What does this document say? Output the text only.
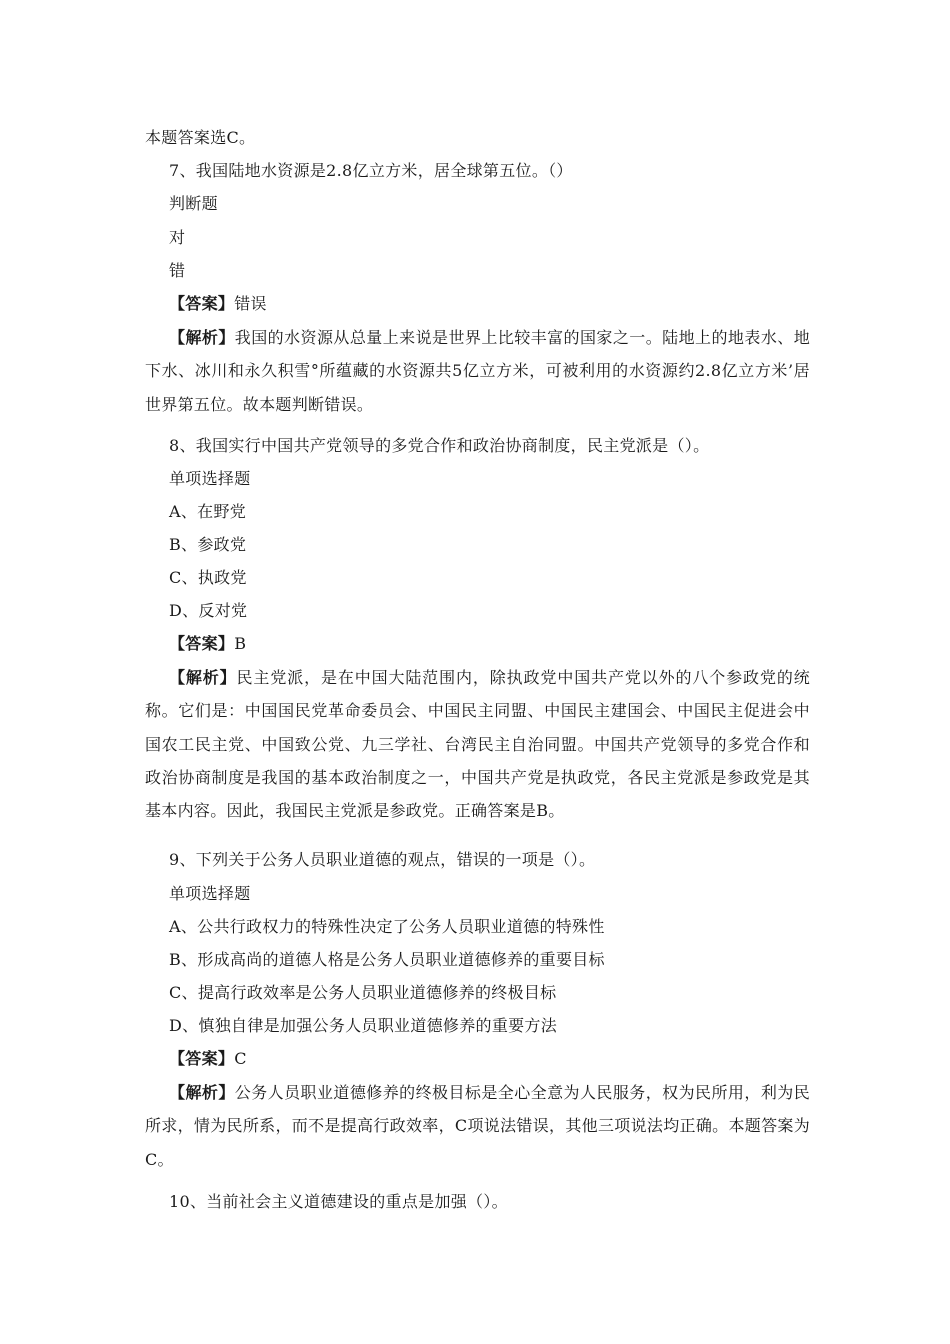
本题答案选C。
7、我国陆地水资源是2.8亿立方米，居全球第五位。（）
判断题
对
错
【答案】错误
【解析】我国的水资源从总量上来说是世界上比较丰富的国家之一。陆地上的地表水、地下水、冰川和永久积雪°所蕴藏的水资源共5亿立方米，可被利用的水资源约2.8亿立方米’居世界第五位。故本题判断错误。
8、我国实行中国共产党领导的多党合作和政治协商制度，民主党派是（）。
单项选择题
A、在野党
B、参政党
C、执政党
D、反对党
【答案】B
【解析】民主党派，是在中国大陆范围内，除执政党中国共产党以外的八个参政党的统称。它们是：中国国民党革命委员会、中国民主同盟、中国民主建国会、中国民主促进会中国农工民主党、中国致公党、九三学社、台湾民主自治同盟。中国共产党领导的多党合作和政治协商制度是我国的基本政治制度之一，中国共产党是执政党，各民主党派是参政党是其基本内容。因此，我国民主党派是参政党。正确答案是B。
9、下列关于公务人员职业道德的观点，错误的一项是（）。
单项选择题
A、公共行政权力的特殊性决定了公务人员职业道德的特殊性
B、形成高尚的道德人格是公务人员职业道德修养的重要目标
C、提高行政效率是公务人员职业道德修养的终极目标
D、慎独自律是加强公务人员职业道德修养的重要方法
【答案】C
【解析】公务人员职业道德修养的终极目标是全心全意为人民服务，权为民所用，利为民所求，情为民所系，而不是提高行政效率，C项说法错误，其他三项说法均正确。本题答案为C。
10、当前社会主义道德建设的重点是加强（）。
